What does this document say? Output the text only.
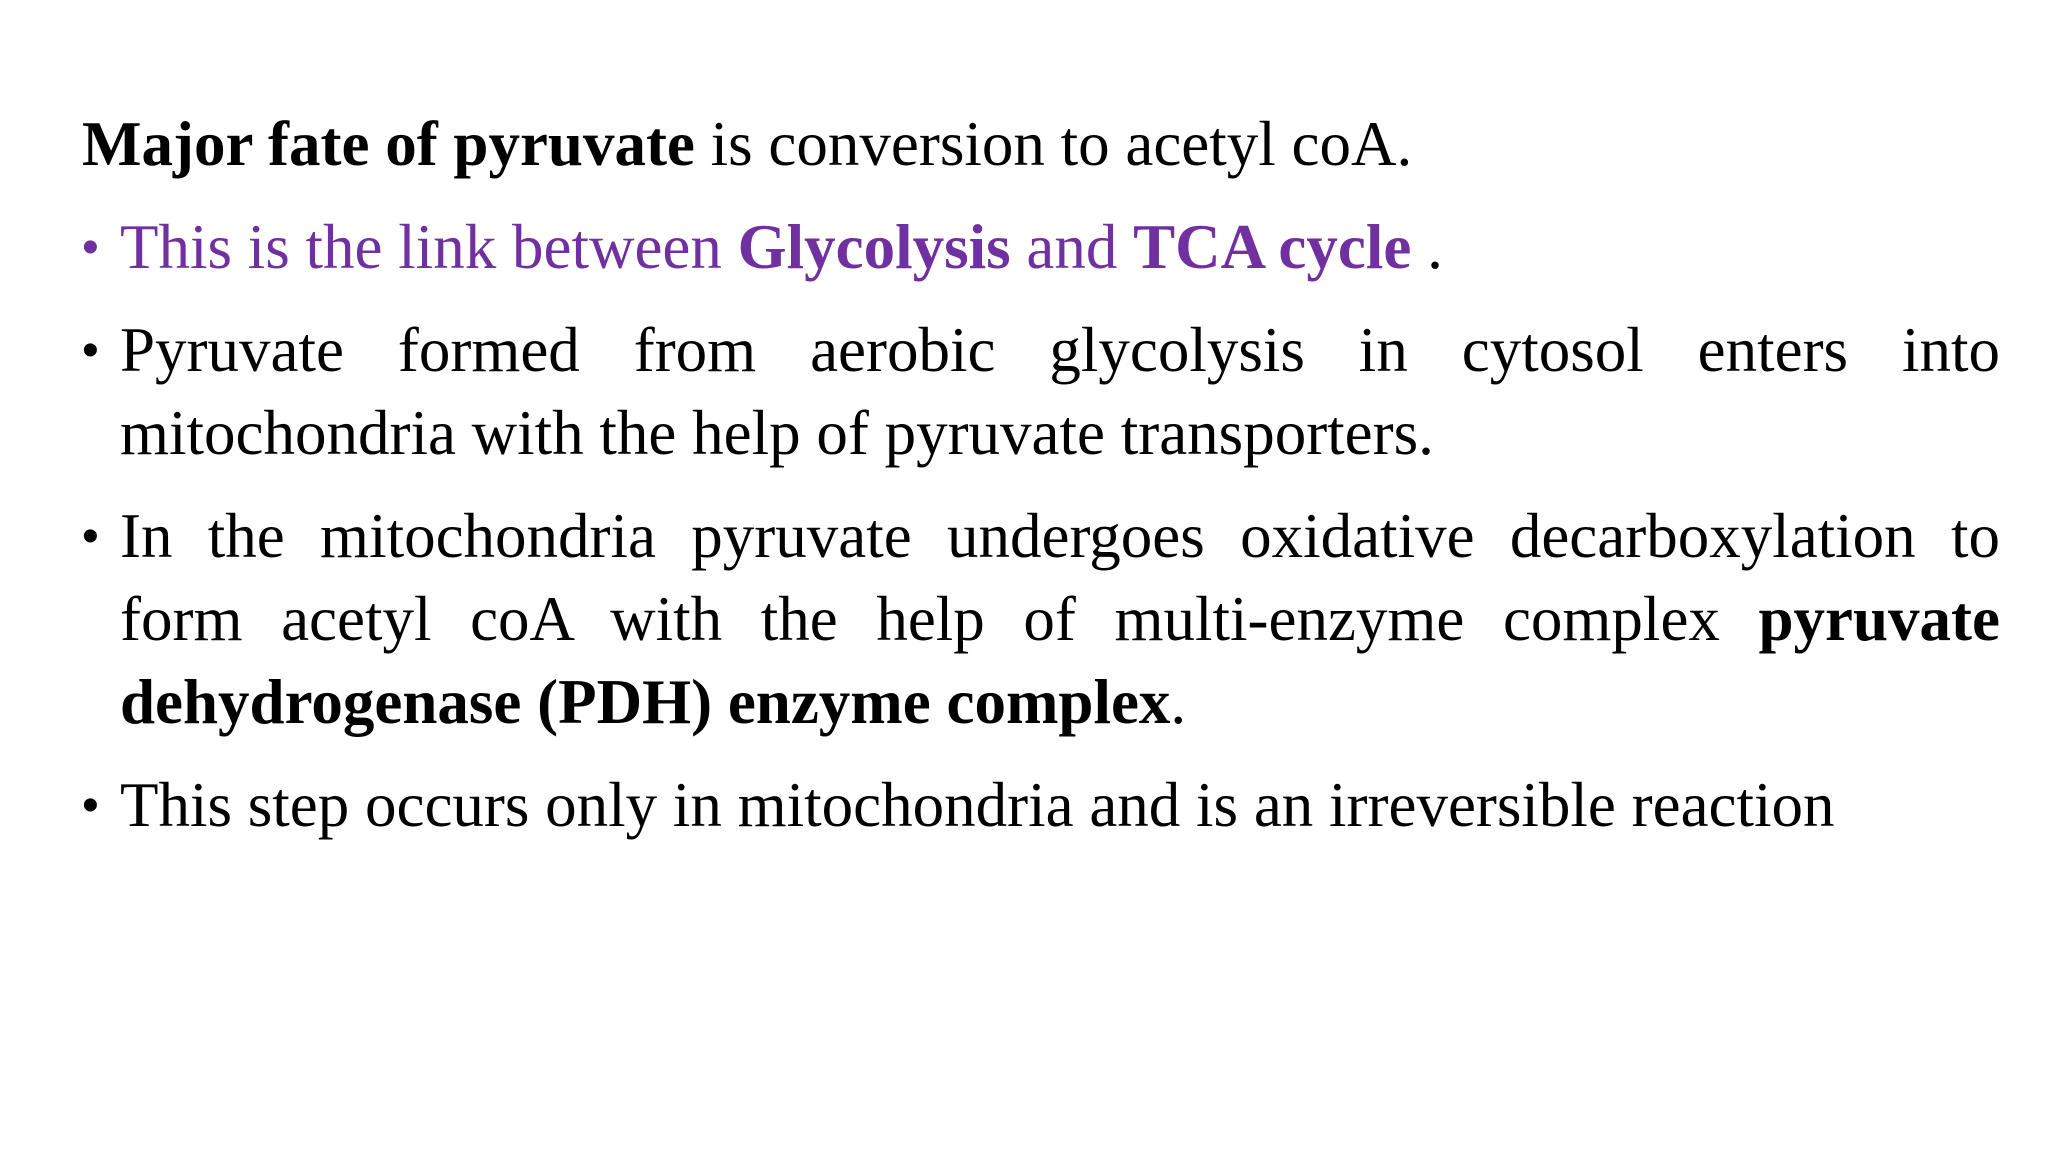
Major fate of pyruvate is conversion to acetyl coA.

• This is the link between Glycolysis and TCA cycle .
• Pyruvate formed from aerobic glycolysis in cytosol enters into mitochondria with the help of pyruvate transporters.
• In the mitochondria pyruvate undergoes oxidative decarboxylation to form acetyl coA with the help of multi-enzyme complex pyruvate dehydrogenase (PDH) enzyme complex.
• This step occurs only in mitochondria and is an irreversible reaction
